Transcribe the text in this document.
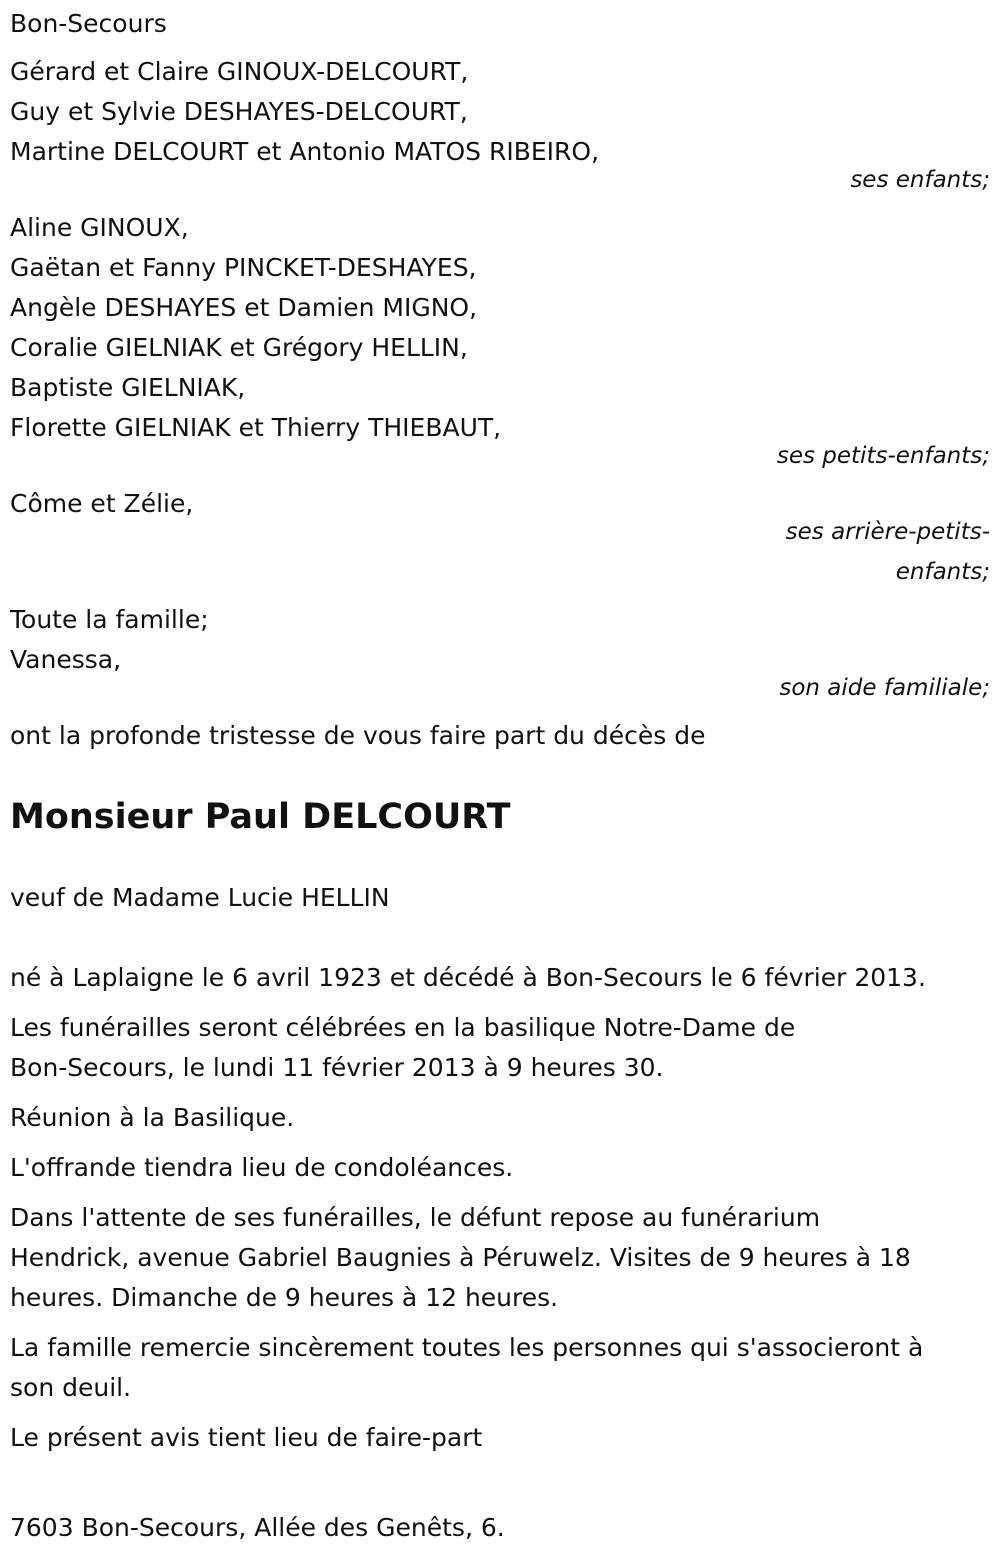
Bon-Secours
Gérard et Claire GINOUX-DELCOURT,
Guy et Sylvie DESHAYES-DELCOURT,
Martine DELCOURT et Antonio MATOS RIBEIRO,
ses enfants;
Aline GINOUX,
Gaëtan et Fanny PINCKET-DESHAYES,
Angèle DESHAYES et Damien MIGNO,
Coralie GIELNIAK et Grégory HELLIN,
Baptiste GIELNIAK,
Florette GIELNIAK et Thierry THIEBAUT,
ses petits-enfants;
Côme et Zélie,
ses arrière-petits-
enfants;
Toute la famille;
Vanessa,
son aide familiale;
ont la profonde tristesse de vous faire part du décès de
Monsieur Paul DELCOURT
veuf de Madame Lucie HELLIN
né à Laplaigne le 6 avril 1923 et décédé à Bon-Secours le 6 février 2013.
Les funérailles seront célébrées en la basilique Notre-Dame de
Bon-Secours, le lundi 11 février 2013 à 9 heures 30.
Réunion à la Basilique.
L'offrande tiendra lieu de condoléances.
Dans l'attente de ses funérailles, le défunt repose au funérarium
Hendrick, avenue Gabriel Baugnies à Péruwelz. Visites de 9 heures à 18
heures. Dimanche de 9 heures à 12 heures.
La famille remercie sincèrement toutes les personnes qui s'associeront à
son deuil.
Le présent avis tient lieu de faire-part
7603 Bon-Secours, Allée des Genêts, 6.
